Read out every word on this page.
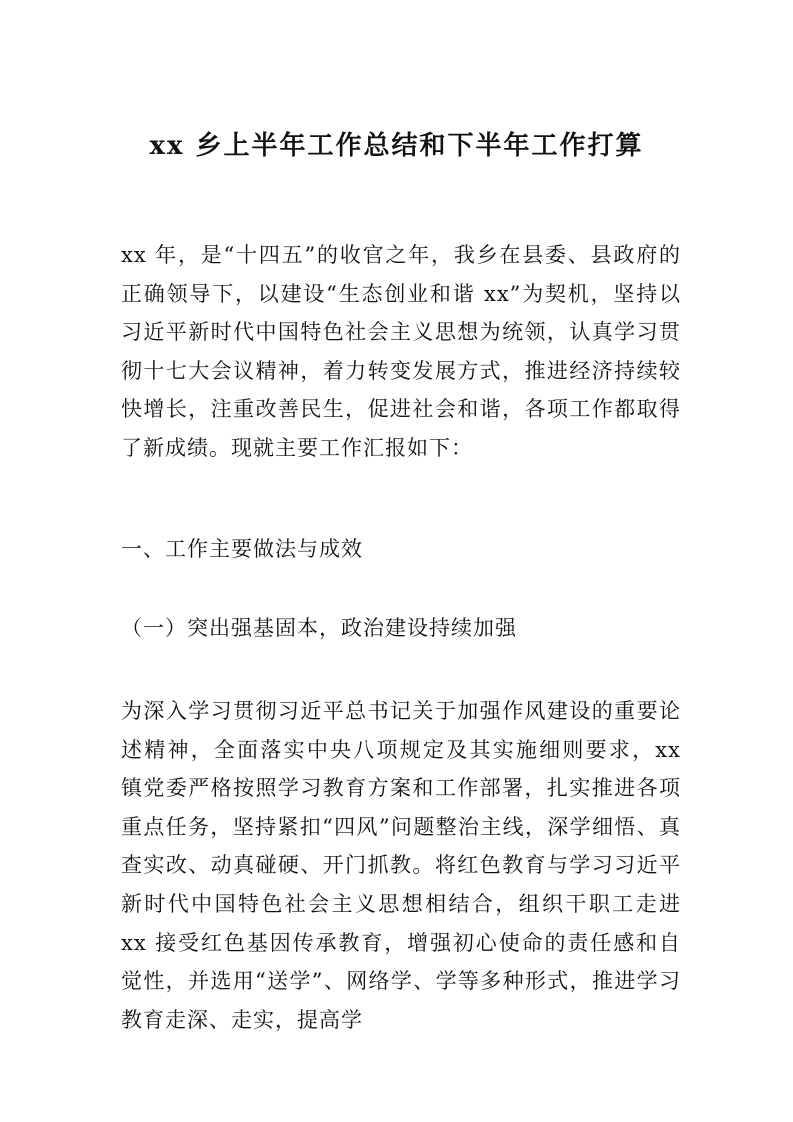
xx 乡上半年工作总结和下半年工作打算
xx 年，是“十四五”的收官之年，我乡在县委、县政府的正确领导下，以建设“生态创业和谐 xx”为契机，坚持以习近平新时代中国特色社会主义思想为统领，认真学习贯彻十七大会议精神，着力转变发展方式，推进经济持续较快增长，注重改善民生，促进社会和谐，各项工作都取得了新成绩。现就主要工作汇报如下：
一、工作主要做法与成效
（一）突出强基固本，政治建设持续加强
为深入学习贯彻习近平总书记关于加强作风建设的重要论述精神，全面落实中央八项规定及其实施细则要求，xx 镇党委严格按照学习教育方案和工作部署，扎实推进各项重点任务，坚持紧扣“四风”问题整治主线，深学细悟、真查实改、动真碰硬、开门抓教。将红色教育与学习习近平新时代中国特色社会主义思想相结合，组织干职工走进 xx 接受红色基因传承教育，增强初心使命的责任感和自觉性，并选用“送学”、网络学、学等多种形式，推进学习教育走深、走实，提高学
